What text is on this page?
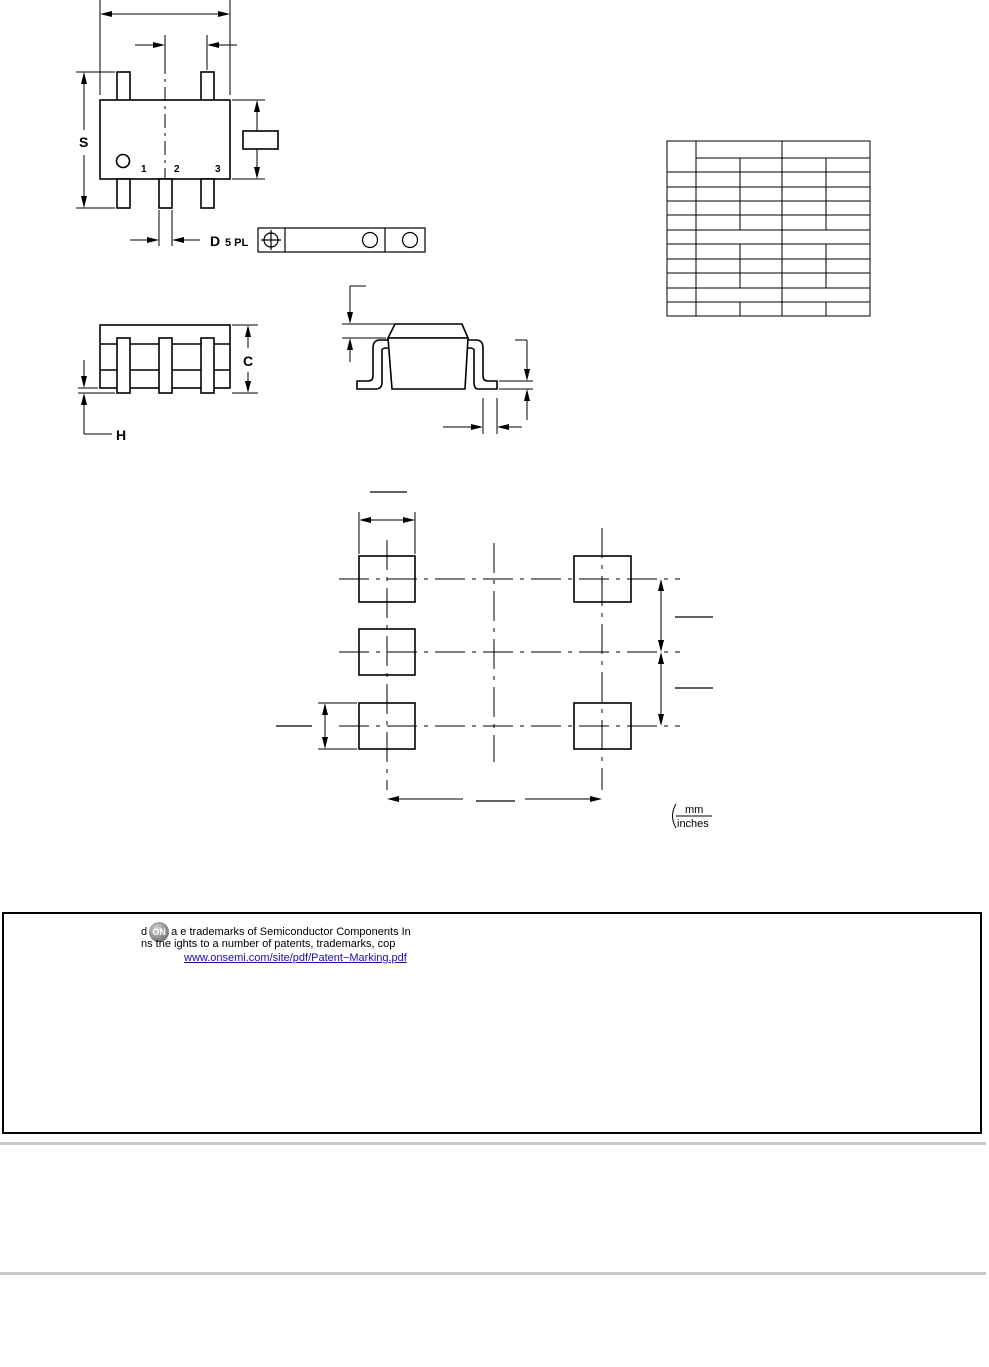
S
1	2	3
D 5 PL
C
H
mm
inches
d ON a e trademarks of Semiconductor Components In
ns tne ights to a number of patents, trademarks, cop
www.onsemi.com/site/pdf/Patent−Marking.pdf
